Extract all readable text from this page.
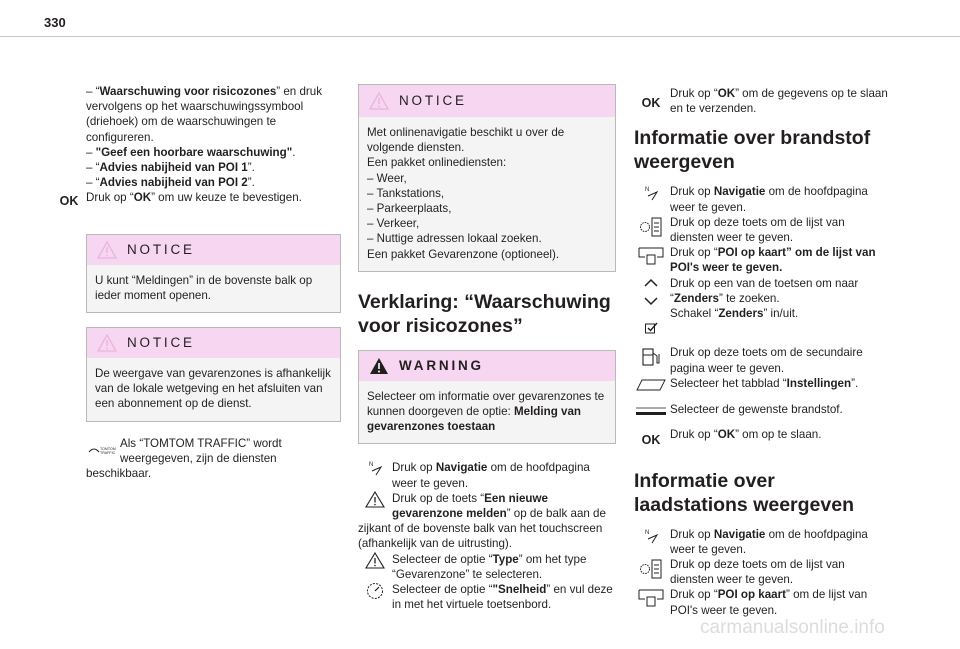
330

– “Waarschuwing voor risicozones” en druk vervolgens op het waarschuwingssymbool (driehoek) om de waarschuwingen te configureren.

– "Geef een hoorbare waarschuwing".

– “Advies nabijheid van POI 1”.

– “Advies nabijheid van POI 2”.

OK Druk op “OK” om uw keuze te bevestigen.

NOTICE
U kunt “Meldingen” in de bovenste balk op ieder moment openen.
NOTICE
De weergave van gevarenzones is afhankelijk van de lokale wetgeving en het afsluiten van een abonnement op de dienst.
TOMTOM
TRAFFIC

Als “TOMTOM TRAFFIC” wordt weergegeven, zijn de diensten beschikbaar.

NOTICE

Met onlinenavigatie beschikt u over de volgende diensten.

Een pakket onlinediensten:

– Weer,

– Tankstations,

– Parkeerplaats,

– Verkeer,

– Nuttige adressen lokaal zoeken.

Een pakket Gevarenzone (optioneel).

Verklaring: “Waarschuwing voor risicozones”
WARNING
Selecteer om informatie over gevarenzones te kunnen doorgeven de optie: Melding van gevarenzones toestaan
N	Druk op Navigatie om de hoofdpagina weer te geven.

Druk op de toets “Een nieuwe gevarenzone melden” op de balk aan de zijkant of de bovenste balk van het touchscreen (afhankelijk van de uitrusting).

Selecteer de optie “Type” om het type “Gevarenzone” te selecteren.

Selecteer de optie “"Snelheid” en vul deze in met het virtuele toetsenbord.

OK

Druk op “OK” om de gegevens op te slaan en te verzenden.

Informatie over brandstof weergeven
N Druk op Navigatie om de hoofdpagina weer te geven.

Druk op deze toets om de lijst van diensten weer te geven.

Druk op “POI op kaart” om de lijst van POI's weer te geven.

Druk op een van de toetsen om naar “Zenders” te zoeken.
Schakel “Zenders” in/uit.

Druk op deze toets om de secundaire pagina weer te geven.
Selecteer het tabblad “Instellingen”.

Selecteer de gewenste brandstof.

OK Druk op “OK” om op te slaan.

Informatie over laadstations weergeven
N Druk op Navigatie om de hoofdpagina weer te geven.

Druk op deze toets om de lijst van diensten weer te geven.

Druk op “POI op kaart” om de lijst van POI's weer te geven.

carmanualsonline.info
